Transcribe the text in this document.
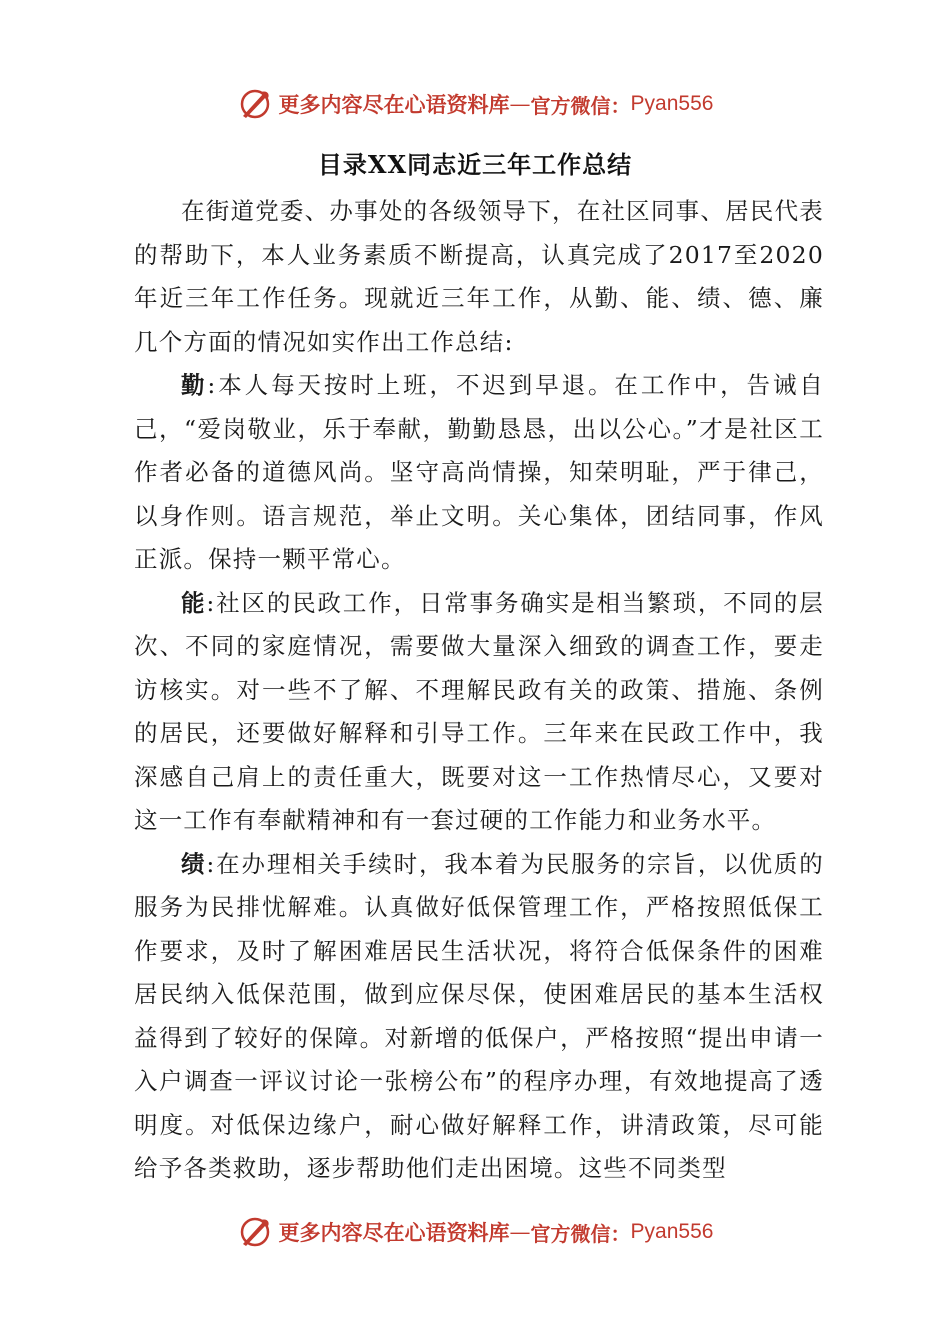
更多内容尽在心语资料库 — 官方微信： Pyan556
目录XX同志近三年工作总结

在街道党委、办事处的各级领导下，在社区同事、居民代表的帮助下，本人业务素质不断提高，认真完成了2017至2020年近三年工作任务。现就近三年工作，从勤、能、绩、德、廉几个方面的情况如实作出工作总结:

勤:本人每天按时上班，不迟到早退。在工作中，告诫自己，“爱岗敬业，乐于奉献，勤勤恳恳，出以公心。”才是社区工作者必备的道德风尚。坚守高尚情操，知荣明耻，严于律己，以身作则。语言规范，举止文明。关心集体，团结同事，作风正派。保持一颗平常心。

能:社区的民政工作，日常事务确实是相当繁琐，不同的层次、不同的家庭情况，需要做大量深入细致的调查工作，要走访核实。对一些不了解、不理解民政有关的政策、措施、条例的居民，还要做好解释和引导工作。三年来在民政工作中，我深感自己肩上的责任重大，既要对这一工作热情尽心，又要对这一工作有奉献精神和有一套过硬的工作能力和业务水平。

绩:在办理相关手续时，我本着为民服务的宗旨，以优质的服务为民排忧解难。认真做好低保管理工作，严格按照低保工作要求，及时了解困难居民生活状况，将符合低保条件的困难居民纳入低保范围，做到应保尽保，使困难居民的基本生活权益得到了较好的保障。对新增的低保户，严格按照“提出申请一入户调查一评议讨论一张榜公布”的程序办理，有效地提高了透明度。对低保边缘户，耐心做好解释工作，讲清政策，尽可能给予各类救助，逐步帮助他们走出困境。这些不同类型

更多内容尽在心语资料库 — 官方微信： Pyan556
